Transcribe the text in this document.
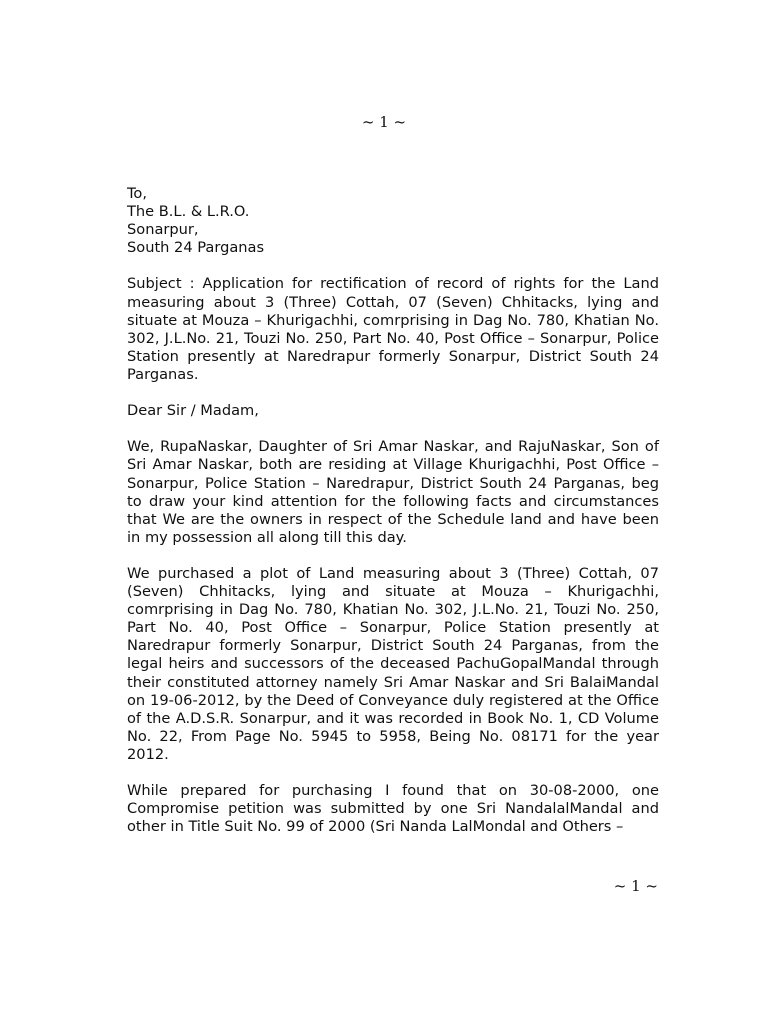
~ 1 ~
To,
The B.L. & L.R.O.
Sonarpur,
South 24 Parganas

Subject : Application for rectification of record of rights for the Land measuring about 3 (Three) Cottah, 07 (Seven) Chhitacks, lying and situate at Mouza – Khurigachhi, comrprising in Dag No. 780, Khatian No. 302, J.L.No. 21, Touzi No. 250, Part No. 40, Post Office – Sonarpur, Police Station presently at Naredrapur formerly Sonarpur, District South 24 Parganas.

Dear Sir / Madam,

We, RupaNaskar, Daughter of Sri Amar Naskar, and RajuNaskar, Son of Sri Amar Naskar, both are residing at Village Khurigachhi, Post Office – Sonarpur, Police Station – Naredrapur, District South 24 Parganas, beg to draw your kind attention for the following facts and circumstances that We are the owners in respect of the Schedule land and have been in my possession all along till this day.

We purchased a plot of Land measuring about 3 (Three) Cottah, 07 (Seven) Chhitacks, lying and situate at Mouza – Khurigachhi, comrprising in Dag No. 780, Khatian No. 302, J.L.No. 21, Touzi No. 250, Part No. 40, Post Office – Sonarpur, Police Station presently at Naredrapur formerly Sonarpur, District South 24 Parganas, from the legal heirs and successors of the deceased PachuGopalMandal through their constituted attorney namely Sri Amar Naskar and Sri BalaiMandal on 19-06-2012, by the Deed of Conveyance duly registered at the Office of the A.D.S.R. Sonarpur, and it was recorded in Book No. 1, CD Volume No. 22, From Page No. 5945 to 5958, Being No. 08171 for the year 2012.

While prepared for purchasing I found that on 30-08-2000, one Compromise petition was submitted by one Sri NandalalMandal and other in Title Suit No. 99 of 2000 (Sri Nanda LalMondal and Others –

~ 1 ~
